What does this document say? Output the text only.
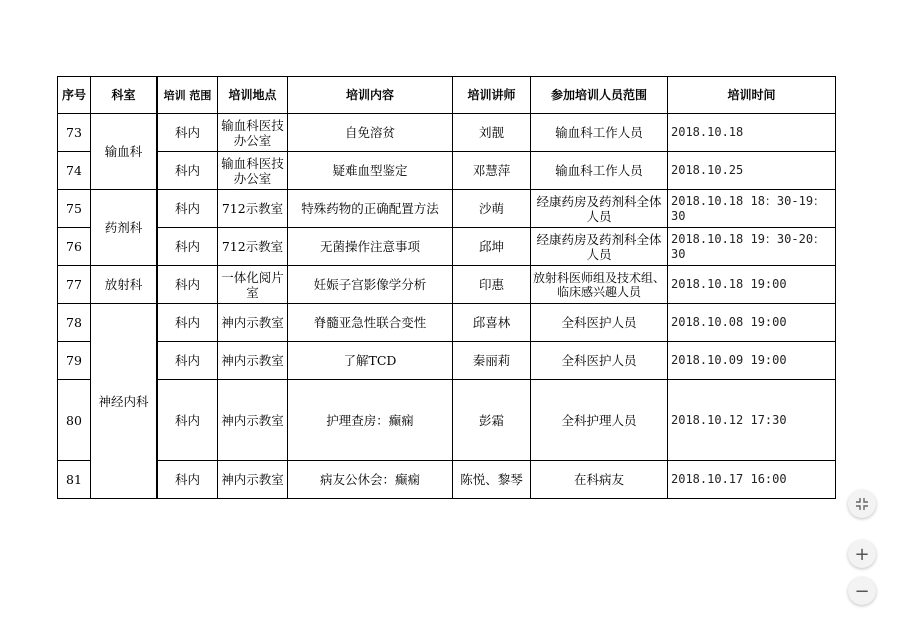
序号	科室		培训 范围	培训地点	培训内容	培训讲师	参加培训人员范围	培训时间
73	输血科		科内	输血科医技办公室	自免溶贫	刘靓	输血科工作人员	2018.10.18
74		科内	输血科医技办公室	疑难血型鉴定	邓慧萍	输血科工作人员	2018.10.25
75	药剂科	科内	712示教室	特殊药物的正确配置方法	沙萌	经康药房及药剂科全体人员	2018.10.18 18：30-19：30
76		科内	712示教室	无菌操作注意事项	邱坤	经康药房及药剂科全体人员	2018.10.18 19：30-20：30
77	放射科	科内	一体化阅片室	妊娠子宫影像学分析	印惠	放射科医师组及技术组、临床感兴趣人员	2018.10.18 19:00
78	神经内科	科内	神内示教室	脊髓亚急性联合变性	邱喜林	全科医护人员	2018.10.08 19:00
79		科内	神内示教室	了解TCD	秦丽莉	全科医护人员	2018.10.09 19:00
80		科内	神内示教室	护理查房：癫痫	彭霜	全科护理人员	2018.10.12 17:30
81		科内	神内示教室	病友公休会：癫痫	陈悦、黎琴	在科病友	2018.10.17 16:00
+
−
